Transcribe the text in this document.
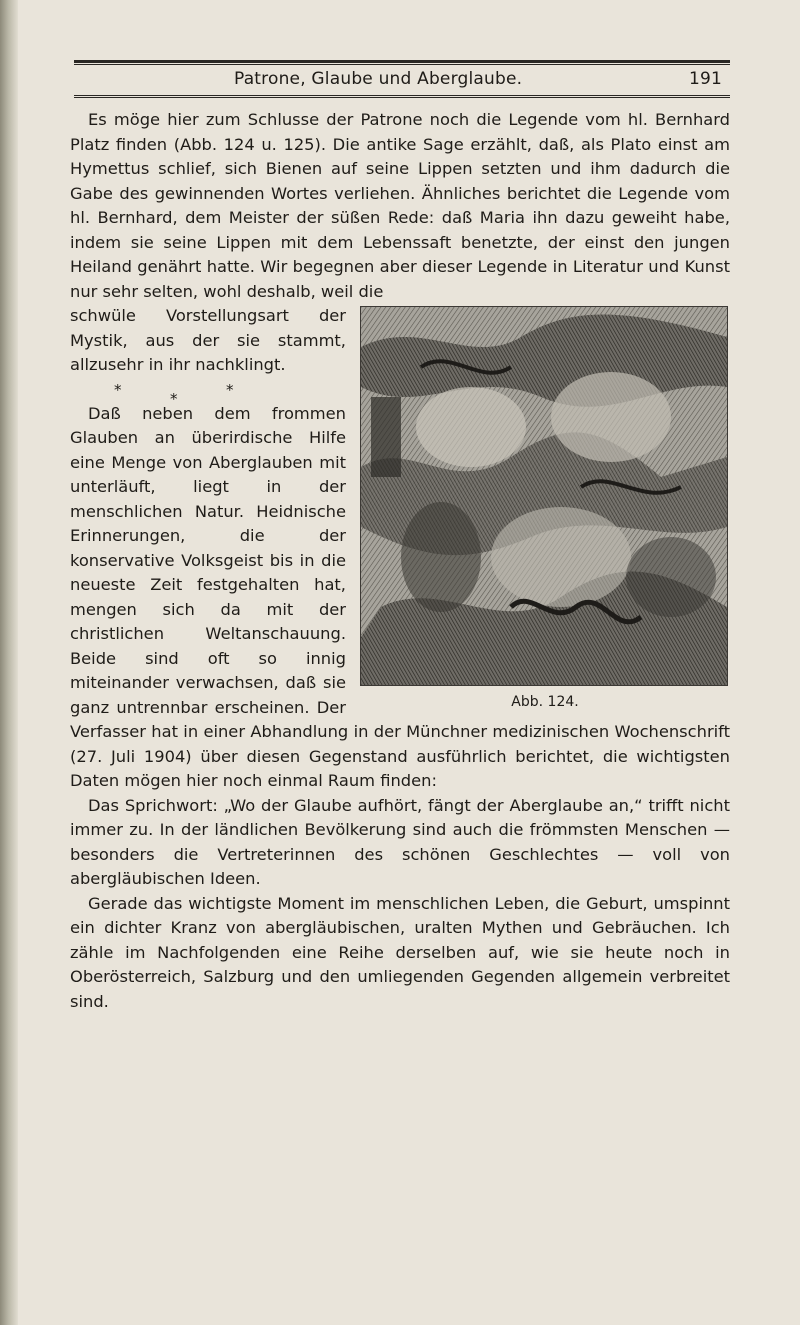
Patrone, Glaube und Aberglaube.	191

Es möge hier zum Schlusse der Patrone noch die Legende vom hl. Bernhard Platz finden (Abb. 124 u. 125). Die antike Sage erzählt, daß, als Plato einst am Hymettus schlief, sich Bienen auf seine Lippen setzten und ihm dadurch die Gabe des gewinnenden Wortes verliehen. Ähnliches berichtet die Legende vom hl. Bernhard, dem Meister der süßen Rede: daß Maria ihn dazu geweiht habe, indem sie seine Lippen mit dem Lebenssaft benetzte, der einst den jungen Heiland genährt hatte. Wir begegnen aber dieser Legende in Literatur und Kunst nur sehr selten, wohl deshalb, weil die

Abb. 124.

schwüle Vorstellungsart der Mystik, aus der sie stammt, allzusehr in ihr nachklingt.

*	*	*

Daß neben dem frommen Glauben an überirdische Hilfe eine Menge von Aberglauben mit unterläuft, liegt in der menschlichen Natur. Heidnische Erinnerungen, die der konservative Volksgeist bis in die neueste Zeit festgehalten hat, mengen sich da mit der christlichen Weltanschauung. Beide sind oft so innig miteinander verwachsen, daß sie ganz untrennbar erscheinen. Der Verfasser hat in einer Abhandlung in der Münchner medizinischen Wochenschrift (27. Juli 1904) über diesen Gegenstand ausführlich berichtet, die wichtigsten Daten mögen hier noch einmal Raum finden:

Das Sprichwort: „Wo der Glaube aufhört, fängt der Aberglaube an,“ trifft nicht immer zu. In der ländlichen Bevölkerung sind auch die frömmsten Menschen — besonders die Vertreterinnen des schönen Geschlechtes — voll von abergläubischen Ideen.

Gerade das wichtigste Moment im menschlichen Leben, die Geburt, umspinnt ein dichter Kranz von abergläubischen, uralten Mythen und Gebräuchen. Ich zähle im Nachfolgenden eine Reihe derselben auf, wie sie heute noch in Oberösterreich, Salzburg und den umliegenden Gegenden allgemein verbreitet sind.
